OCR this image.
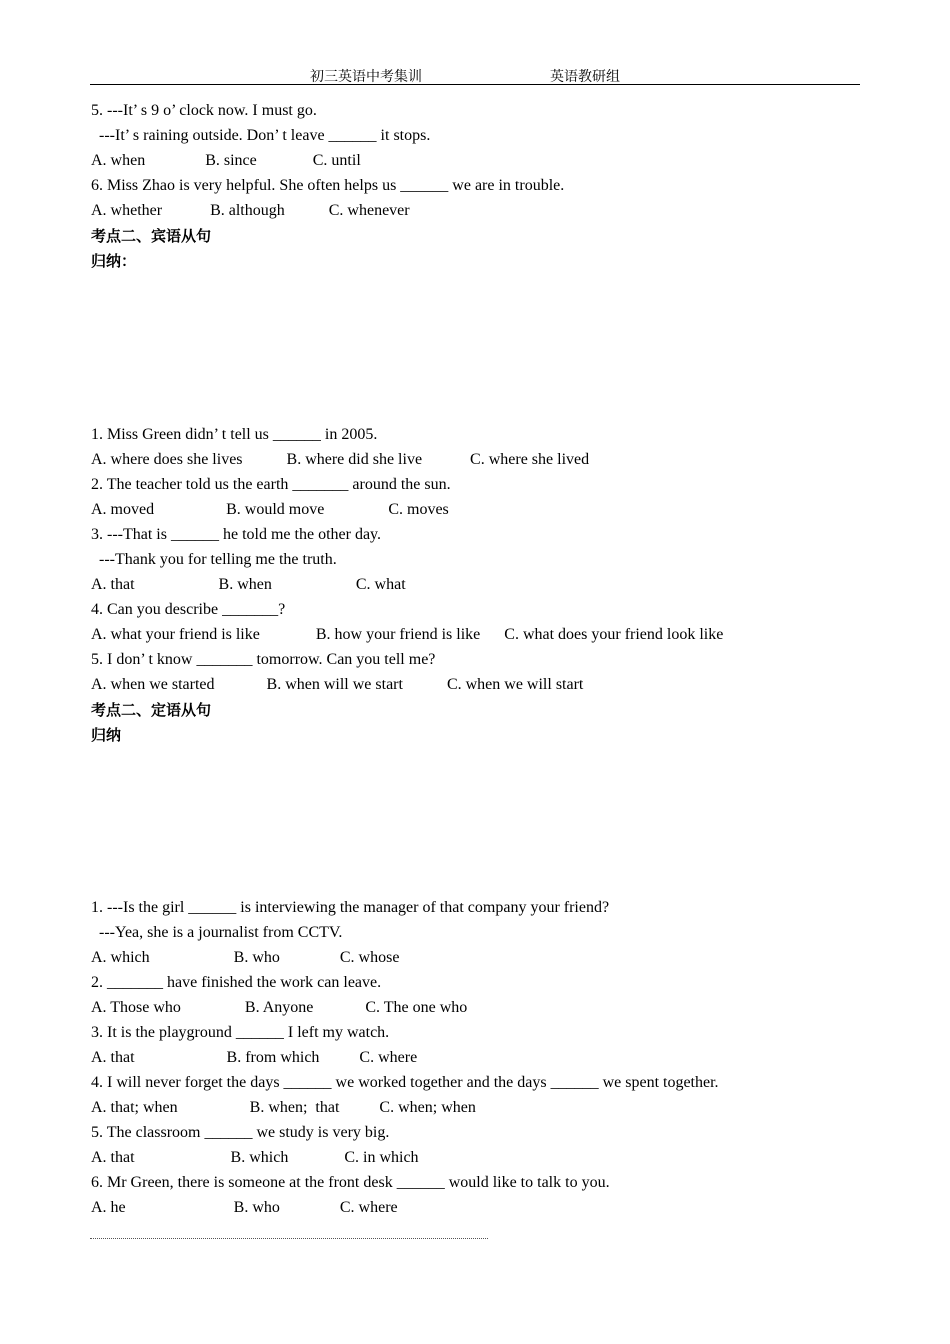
初三英语中考集训	英语教研组
5. ---It’ s 9 o’ clock now. I must go.
---It’ s raining outside. Don’ t leave ______ it stops.
A. when               B. since              C. until
6. Miss Zhao is very helpful. She often helps us ______ we are in trouble.
A. whether            B. although           C. whenever
考点二、宾语从句
归纳：
1. Miss Green didn’ t tell us ______ in 2005.
A. where does she lives           B. where did she live            C. where she lived
2. The teacher told us the earth _______ around the sun.
A. moved                  B. would move                C. moves
3. ---That is ______ he told me the other day.
---Thank you for telling me the truth.
A. that                     B. when                     C. what
4. Can you describe _______?
A. what your friend is like              B. how your friend is like      C. what does your friend look like
5. I don’ t know _______ tomorrow. Can you tell me?
A. when we started             B. when will we start           C. when we will start
考点二、定语从句
归纳
1. ---Is the girl ______ is interviewing the manager of that company your friend?
---Yea, she is a journalist from CCTV.
A. which                     B. who               C. whose
2. _______ have finished the work can leave.
A. Those who                B. Anyone             C. The one who
3. It is the playground ______ I left my watch.
A. that                       B. from which          C. where
4. I will never forget the days ______ we worked together and the days ______ we spent together.
A. that; when                  B. when;  that          C. when; when
5. The classroom ______ we study is very big.
A. that                        B. which              C. in which
6. Mr Green, there is someone at the front desk ______ would like to talk to you.
A. he                           B. who               C. where
